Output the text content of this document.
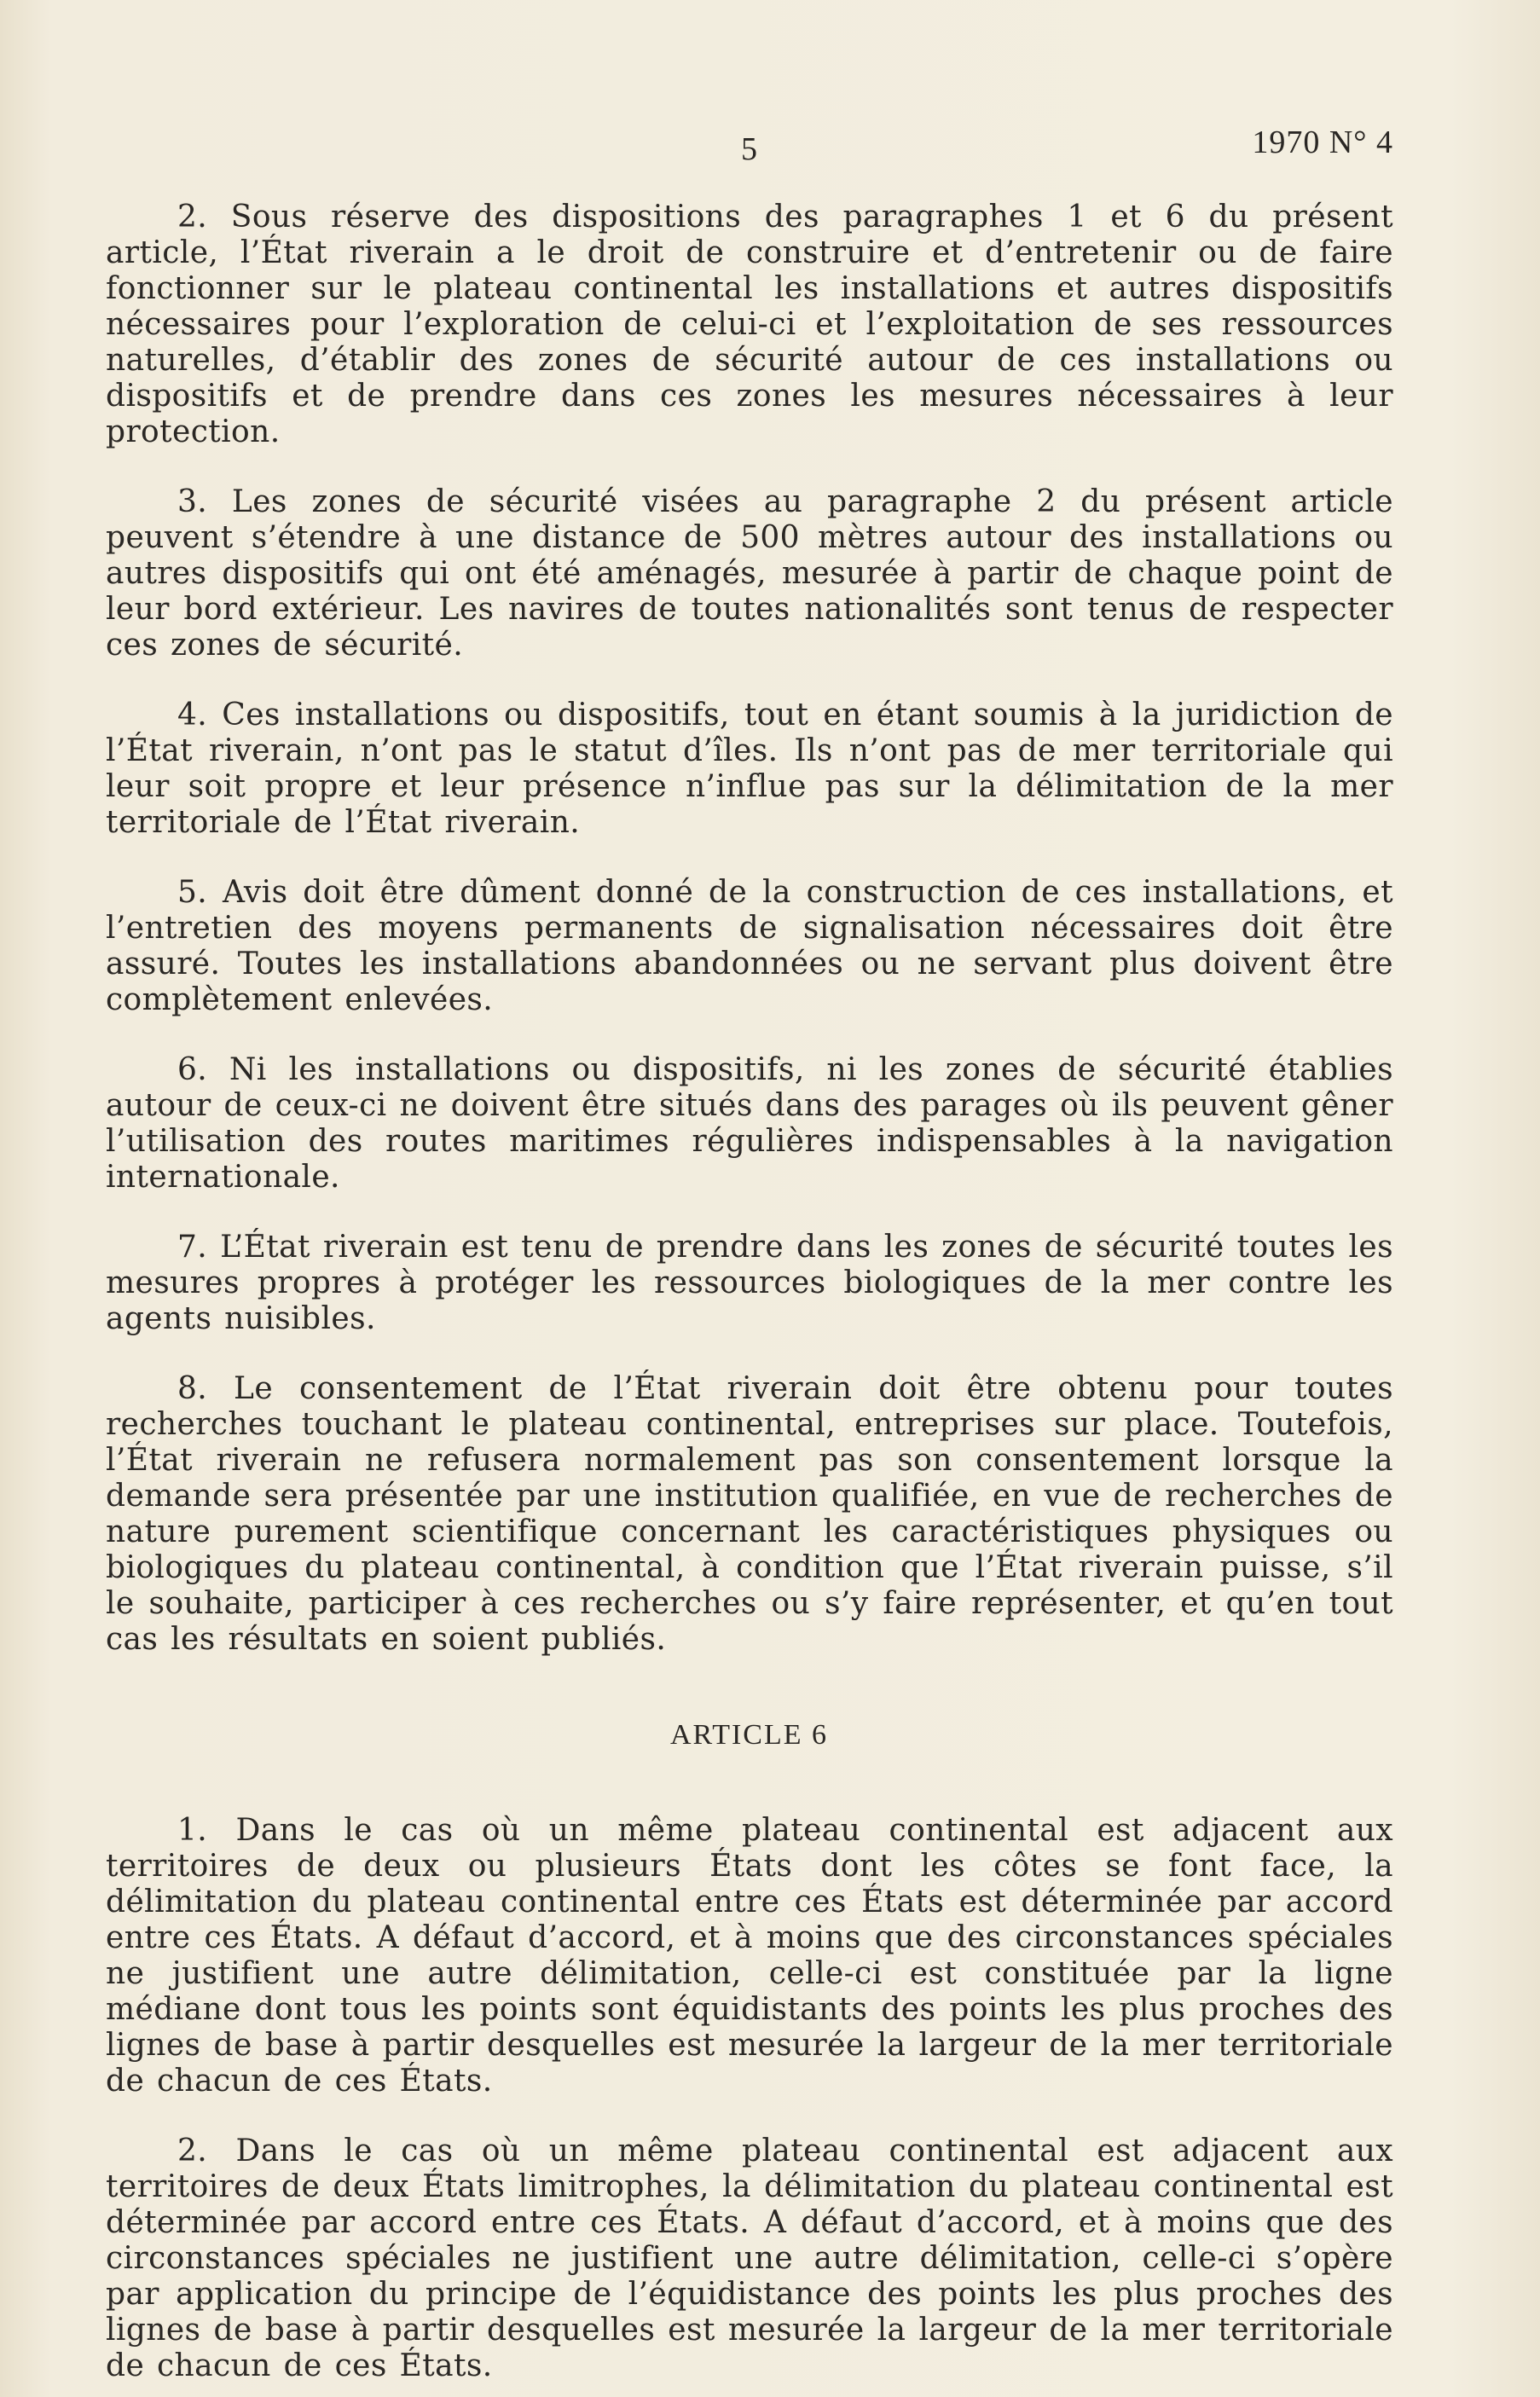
5	1970 N° 4

2. Sous réserve des dispositions des paragraphes 1 et 6 du présent article, l’État riverain a le droit de construire et d’entretenir ou de faire fonctionner sur le plateau continental les installations et autres dispositifs nécessaires pour l’exploration de celui-ci et l’exploitation de ses ressources naturelles, d’établir des zones de sécurité autour de ces installations ou dispositifs et de prendre dans ces zones les mesures nécessaires à leur protection.

3. Les zones de sécurité visées au paragraphe 2 du présent article peuvent s’étendre à une distance de 500 mètres autour des installations ou autres dispositifs qui ont été aménagés, mesurée à partir de chaque point de leur bord extérieur. Les navires de toutes nationalités sont tenus de respecter ces zones de sécurité.

4. Ces installations ou dispositifs, tout en étant soumis à la juridiction de l’État riverain, n’ont pas le statut d’îles. Ils n’ont pas de mer territoriale qui leur soit propre et leur présence n’influe pas sur la délimitation de la mer territoriale de l’État riverain.

5. Avis doit être dûment donné de la construction de ces installations, et l’entretien des moyens permanents de signalisation nécessaires doit être assuré. Toutes les installations abandonnées ou ne servant plus doivent être complètement enlevées.

6. Ni les installations ou dispositifs, ni les zones de sécurité établies autour de ceux-ci ne doivent être situés dans des parages où ils peuvent gêner l’utilisation des routes maritimes régulières indispensables à la navigation internationale.

7. L’État riverain est tenu de prendre dans les zones de sécurité toutes les mesures propres à protéger les ressources biologiques de la mer contre les agents nuisibles.

8. Le consentement de l’État riverain doit être obtenu pour toutes recherches touchant le plateau continental, entreprises sur place. Toutefois, l’État riverain ne refusera normalement pas son consentement lorsque la demande sera présentée par une institution qualifiée, en vue de recherches de nature purement scientifique concernant les caractéristiques physiques ou biologiques du plateau continental, à condition que l’État riverain puisse, s’il le souhaite, participer à ces recherches ou s’y faire représenter, et qu’en tout cas les résultats en soient publiés.

ARTICLE 6

1. Dans le cas où un même plateau continental est adjacent aux territoires de deux ou plusieurs États dont les côtes se font face, la délimitation du plateau continental entre ces États est déterminée par accord entre ces États. A défaut d’accord, et à moins que des circonstances spéciales ne justifient une autre délimitation, celle-ci est constituée par la ligne médiane dont tous les points sont équidistants des points les plus proches des lignes de base à partir desquelles est mesurée la largeur de la mer territoriale de chacun de ces États.

2. Dans le cas où un même plateau continental est adjacent aux territoires de deux États limitrophes, la délimitation du plateau continental est déterminée par accord entre ces États. A défaut d’accord, et à moins que des circonstances spéciales ne justifient une autre délimitation, celle-ci s’opère par application du principe de l’équidistance des points les plus proches des lignes de base à partir desquelles est mesurée la largeur de la mer territoriale de chacun de ces États.
